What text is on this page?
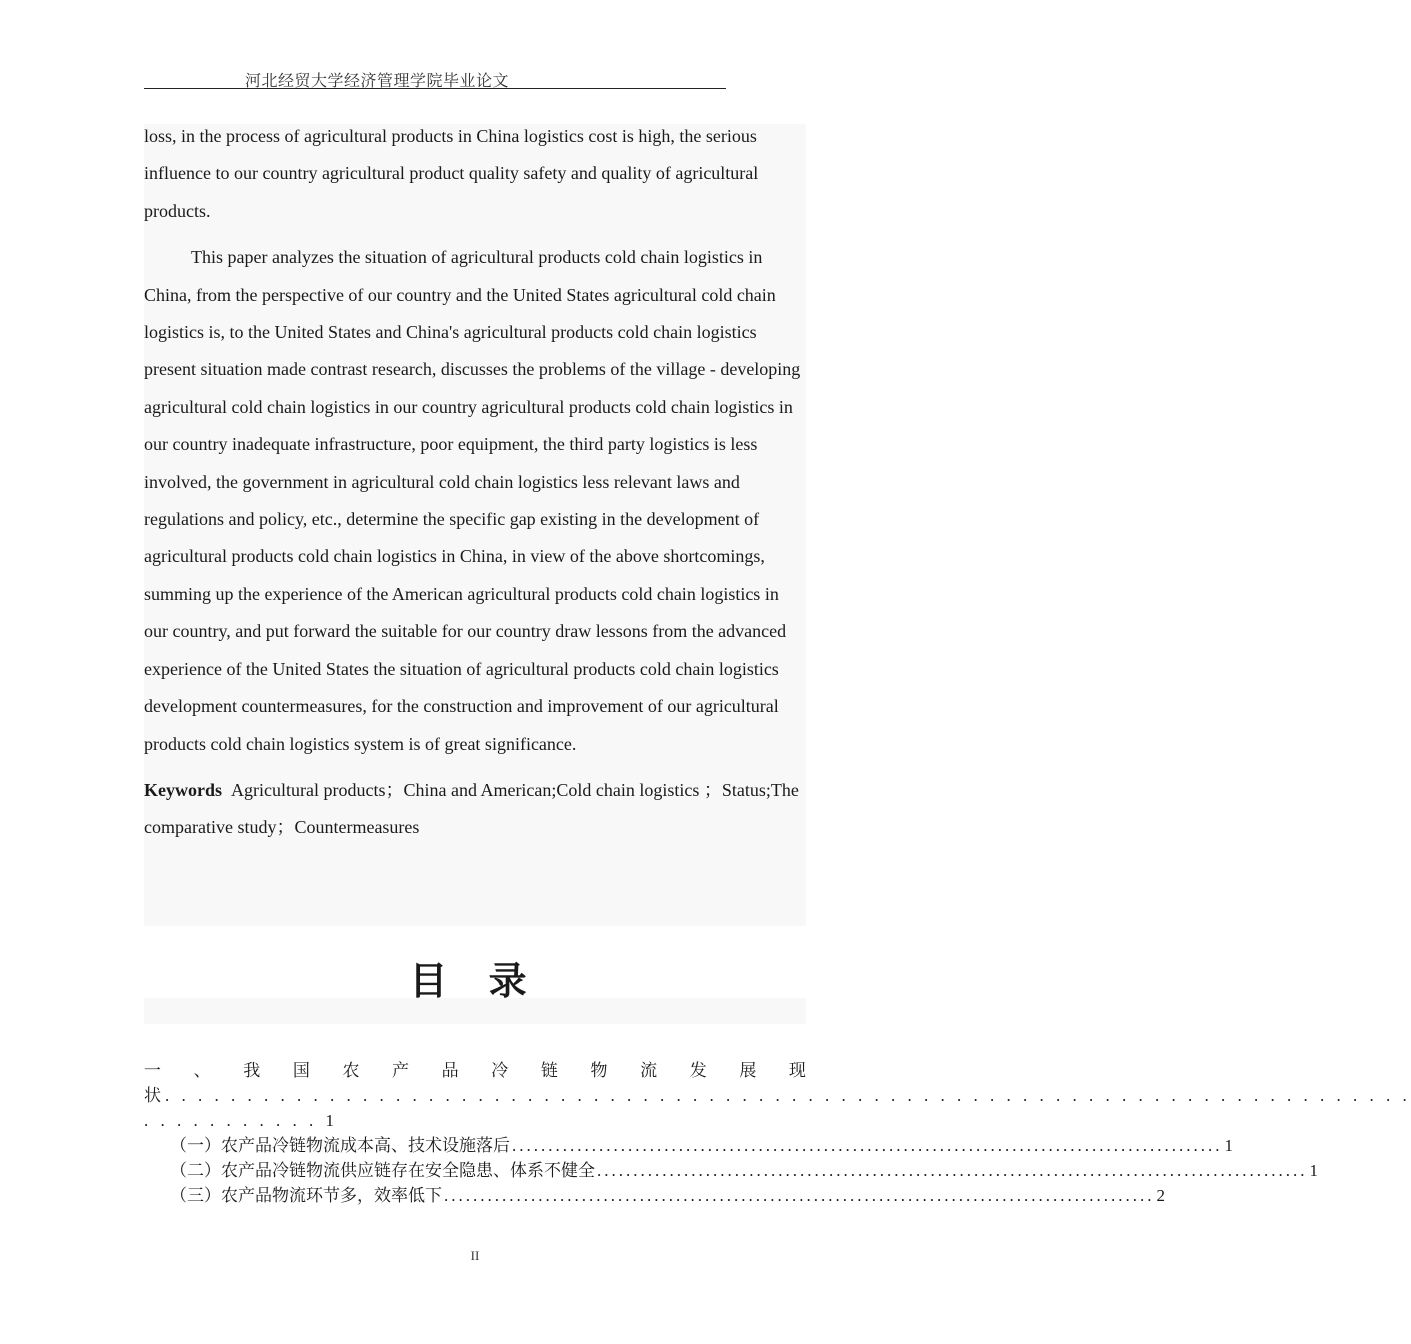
河北经贸大学经济管理学院毕业论文

loss, in the process of agricultural products in China logistics cost is high, the serious influence to our country agricultural product quality safety and quality of agricultural products.

This paper analyzes the situation of agricultural products cold chain logistics in China, from the perspective of our country and the United States agricultural cold chain logistics is, to the United States and China's agricultural products cold chain logistics present situation made contrast research, discusses the problems of the village - developing agricultural cold chain logistics in our country agricultural products cold chain logistics in our country inadequate infrastructure, poor equipment, the third party logistics is less involved, the government in agricultural cold chain logistics less relevant laws and regulations and policy, etc., determine the specific gap existing in the development of agricultural products cold chain logistics in China, in view of the above shortcomings, summing up the experience of the American agricultural products cold chain logistics in our country, and put forward the suitable for our country draw lessons from the advanced experience of the United States the situation of agricultural products cold chain logistics development countermeasures, for the construction and improvement of our agricultural products cold chain logistics system is of great significance.

Keywords Agricultural products；China and American;Cold chain logistics ；Status;The comparative study；Countermeasures

目 录
一 、 我 国 农 产 品 冷 链 物 流 发 展 现
状. . . . . . . . . . . . . . . . . . . . . . . . . . . . . . . . . . . . . . . . . . . . . . . . . . . . . . . . . . . . . . . . . . . . . . . . . . . .
. . . . . . . . . . . 1
（一）农产品冷链物流成本高、技术设施落后 .................................................................................................. 1
（二）农产品冷链物流供应链存在安全隐患、体系不健全 .................................................................................................. 1
（三）农产品物流环节多，效率低下 .................................................................................................. 2
II
